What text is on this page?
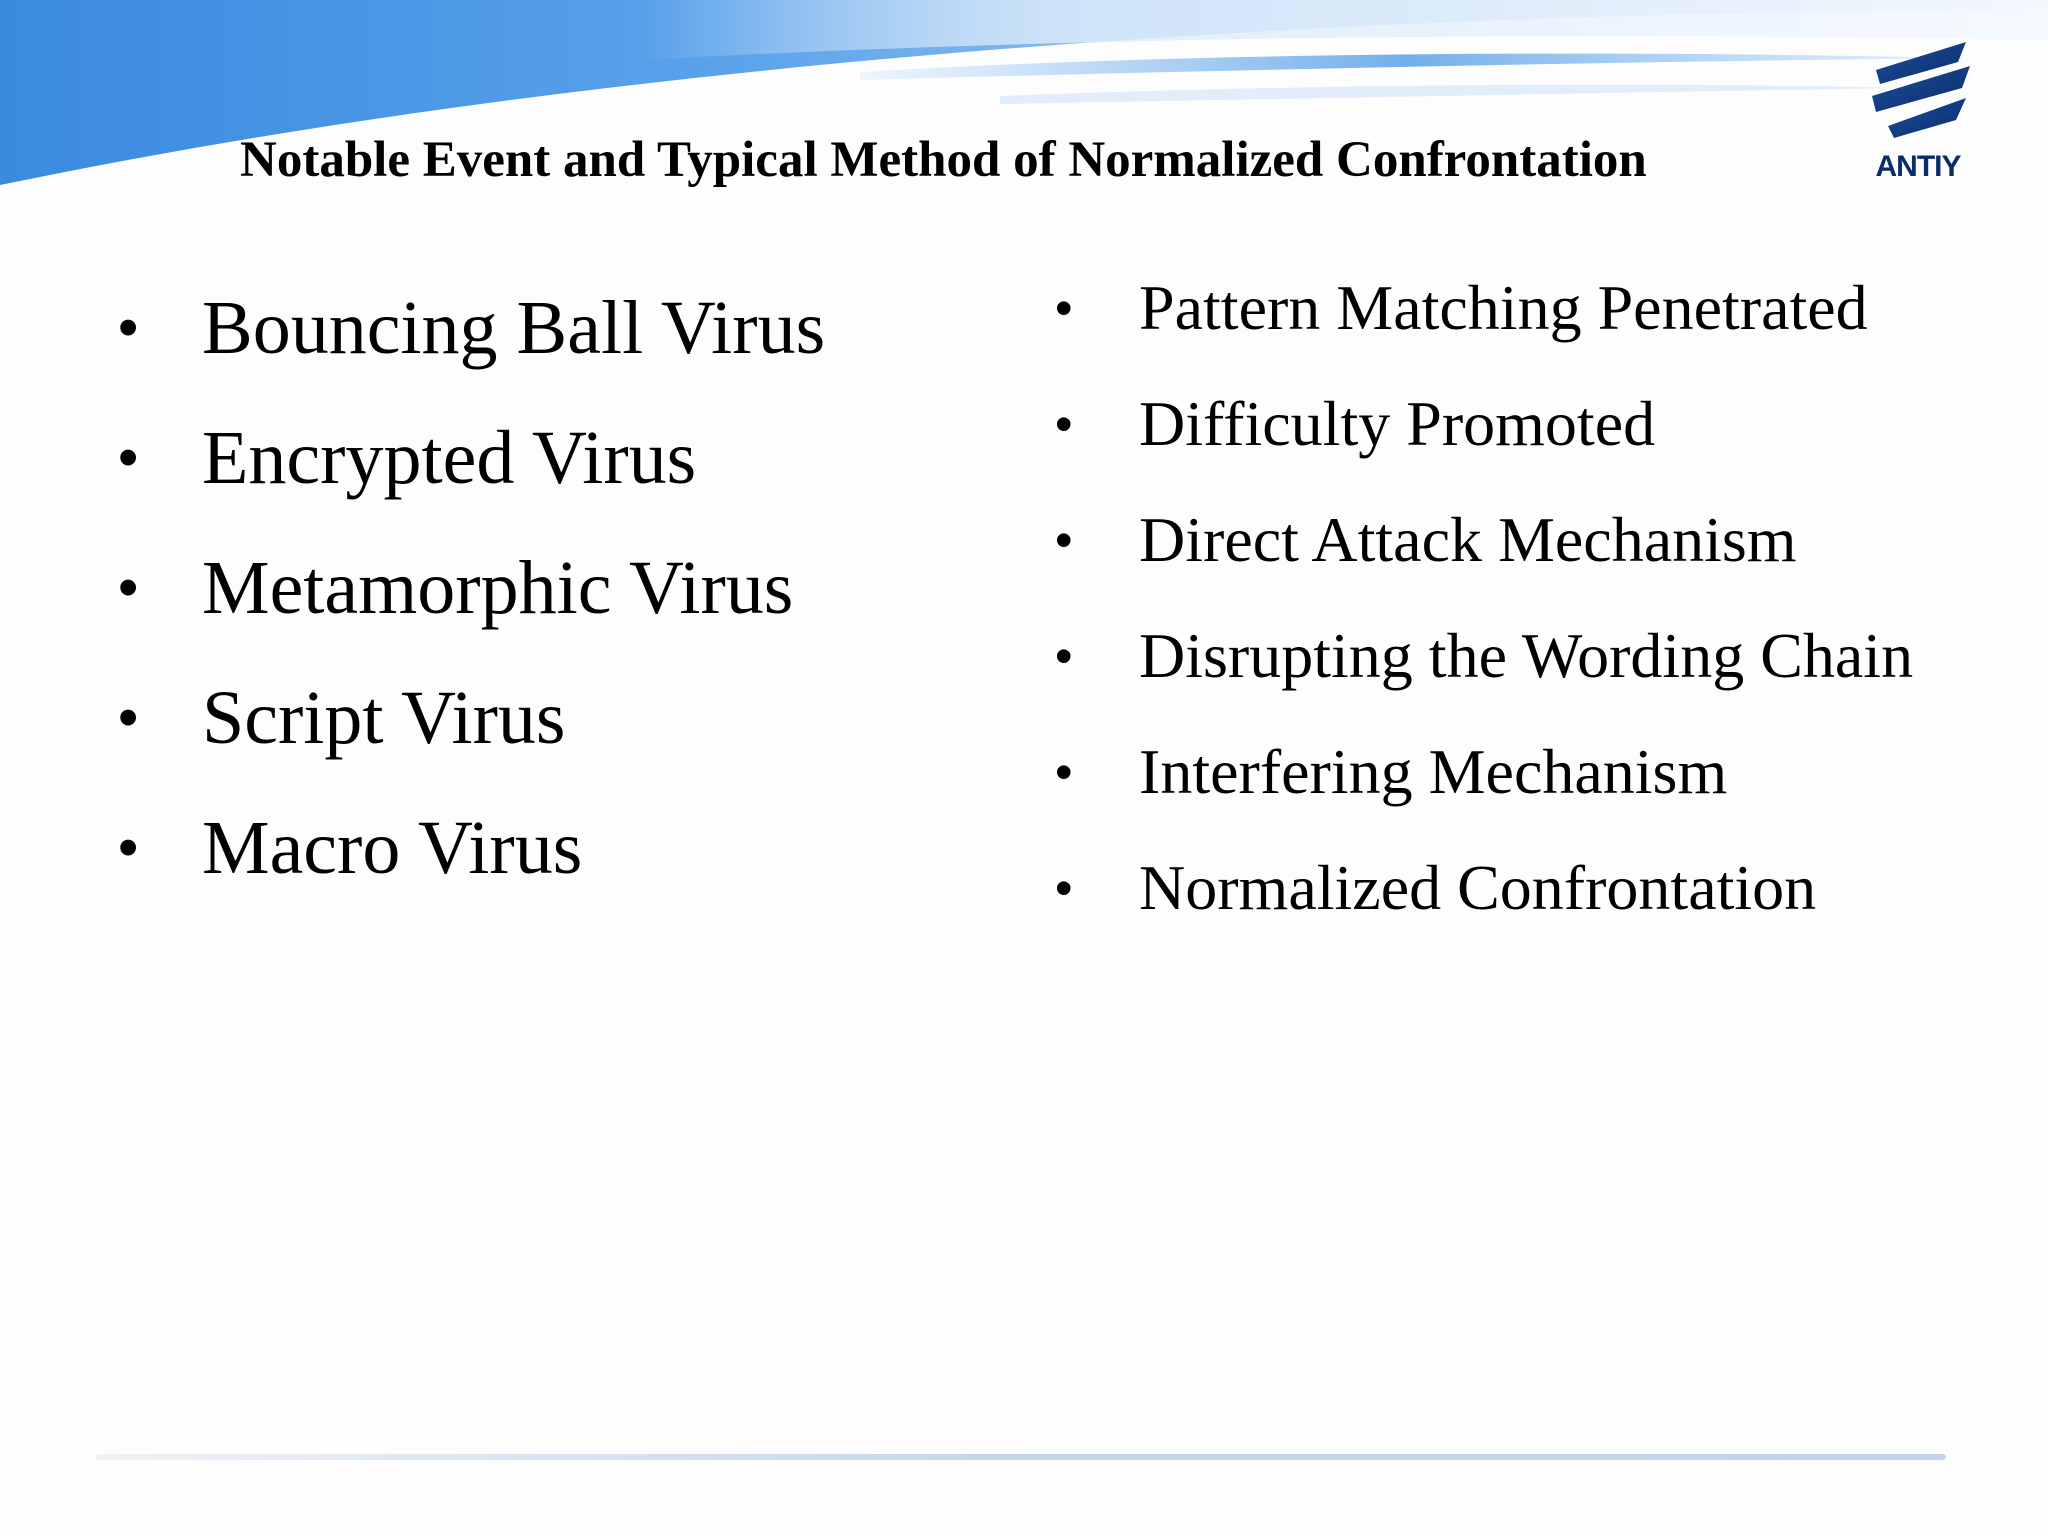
Notable Event and Typical Method of Normalized Confrontation	ANTIY
• Bouncing Ball Virus
• Encrypted Virus
• Metamorphic Virus
• Script Virus
• Macro Virus
• Pattern Matching Penetrated
• Difficulty Promoted
• Direct Attack Mechanism
• Disrupting the Wording Chain
• Interfering Mechanism
• Normalized Confrontation
